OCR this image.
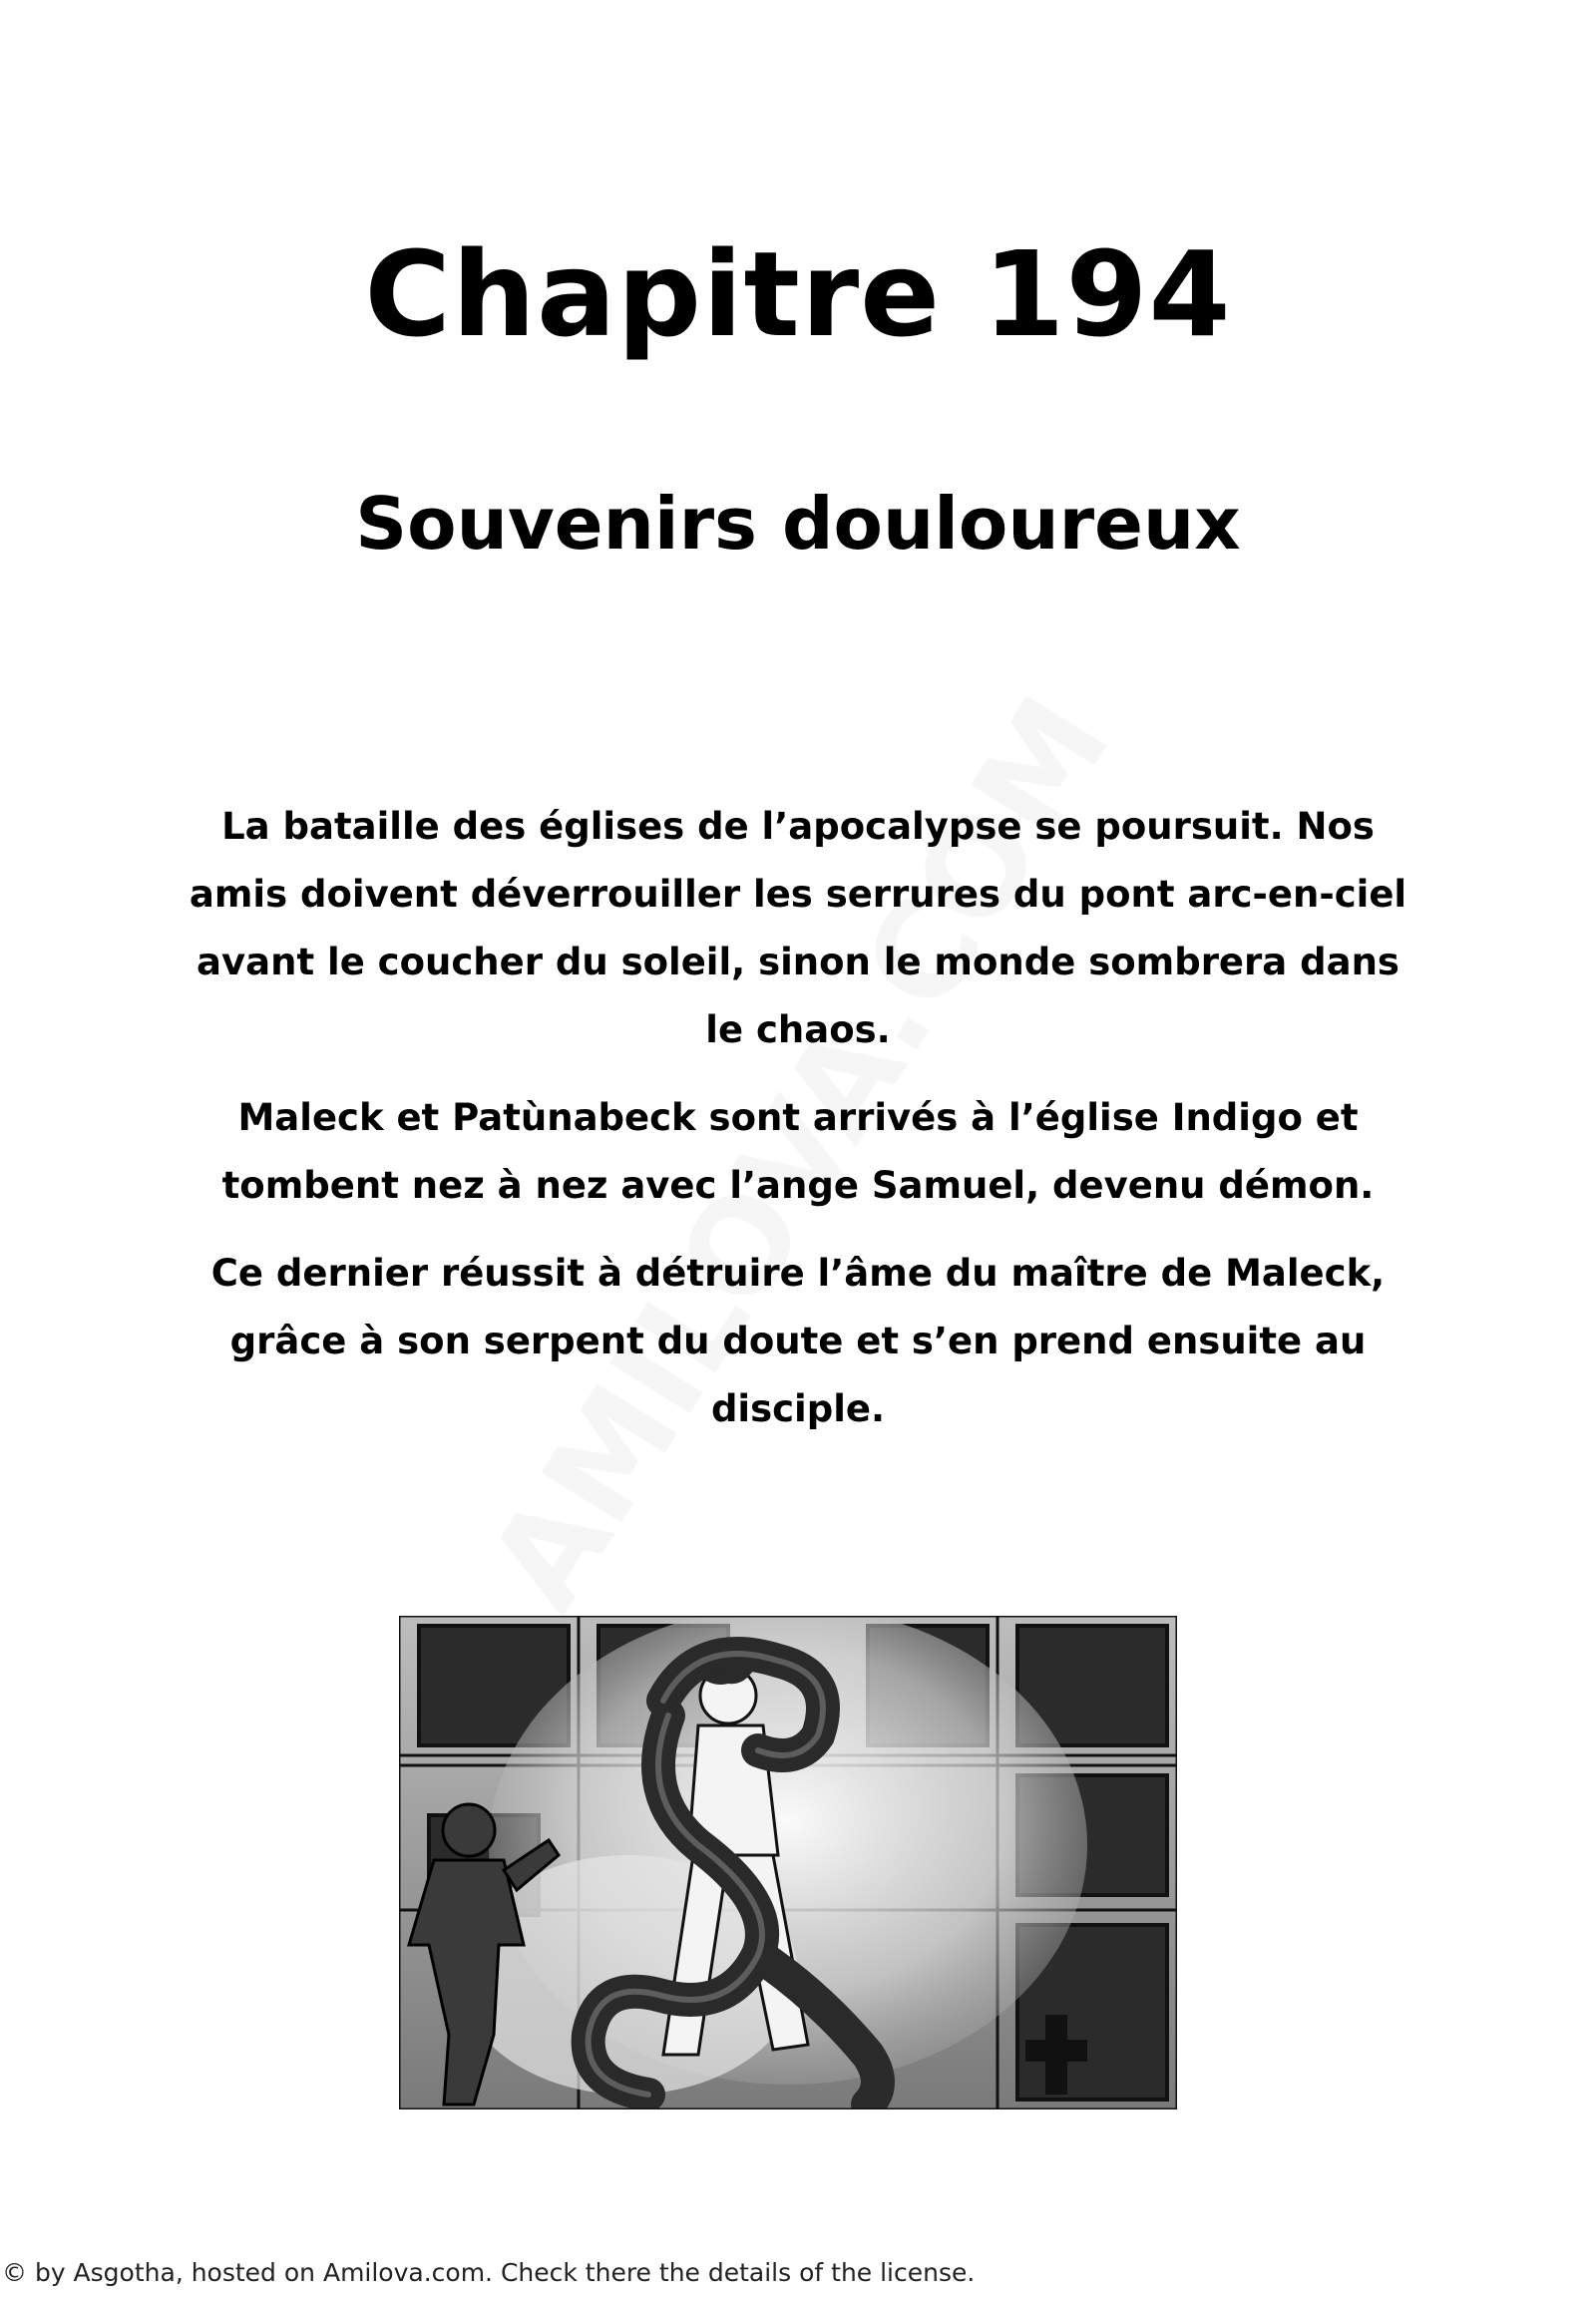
Chapitre 194
Souvenirs douloureux

La bataille des églises de l’apocalypse se poursuit. Nos amis doivent déverrouiller les serrures du pont arc-en-ciel avant le coucher du soleil, sinon le monde sombrera dans le chaos.

Maleck et Patùnabeck sont arrivés à l’église Indigo et tombent nez à nez avec l’ange Samuel, devenu démon.

Ce dernier réussit à détruire l’âme du maître de Maleck, grâce à son serpent du doute et s’en prend ensuite au disciple.

© by Asgotha, hosted on Amilova.com. Check there the details of the license.
